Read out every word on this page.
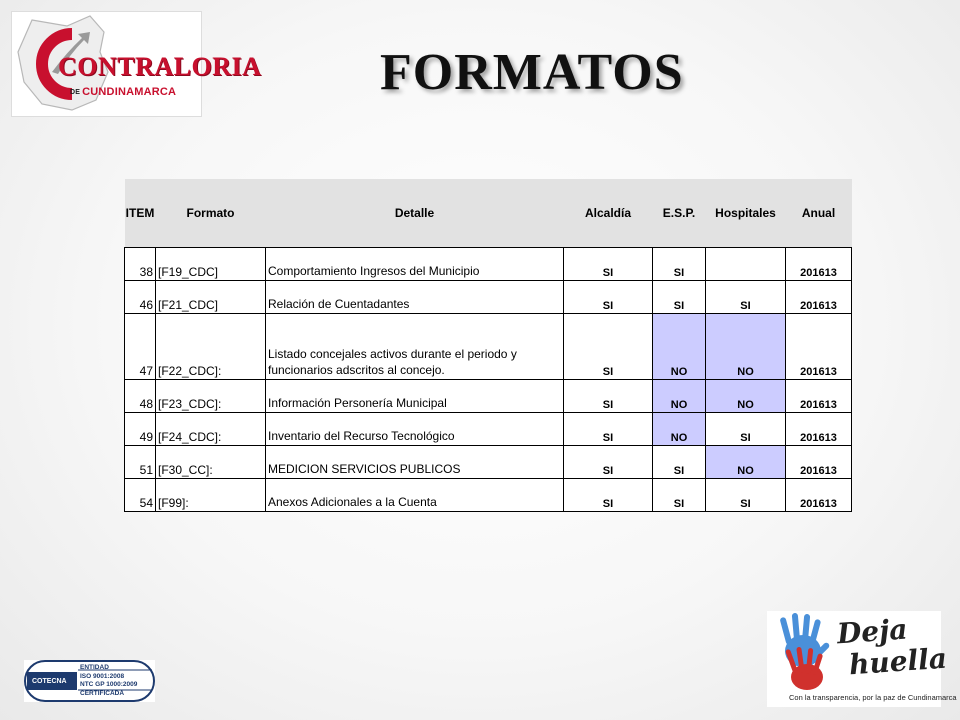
CONTRALORIA
DE CUNDINAMARCA	FORMATOS
ITEM	Formato	Detalle	Alcaldía	E.S.P.	Hospitales	Anual
38	[F19_CDC]	Comportamiento Ingresos del Municipio	SI	SI		201613
46	[F21_CDC]	Relación de Cuentadantes	SI	SI	SI	201613
47	[F22_CDC]:	Listado concejales activos durante el periodo y funcionarios adscritos al concejo.	SI	NO	NO	201613
48	[F23_CDC]:	Información Personería Municipal	SI	NO	NO	201613
49	[F24_CDC]:	Inventario del Recurso Tecnológico	SI	NO	SI	201613
51	[F30_CC]:	MEDICION SERVICIOS PUBLICOS	SI	SI	NO	201613
54	[F99]:	Anexos Adicionales a la Cuenta	SI	SI	SI	201613
COTECNA
ENTIDAD
ISO 9001:2008
NTC GP 1000:2009
CERTIFICADA
Deja
huella
Con la transparencia, por la paz de Cundinamarca
